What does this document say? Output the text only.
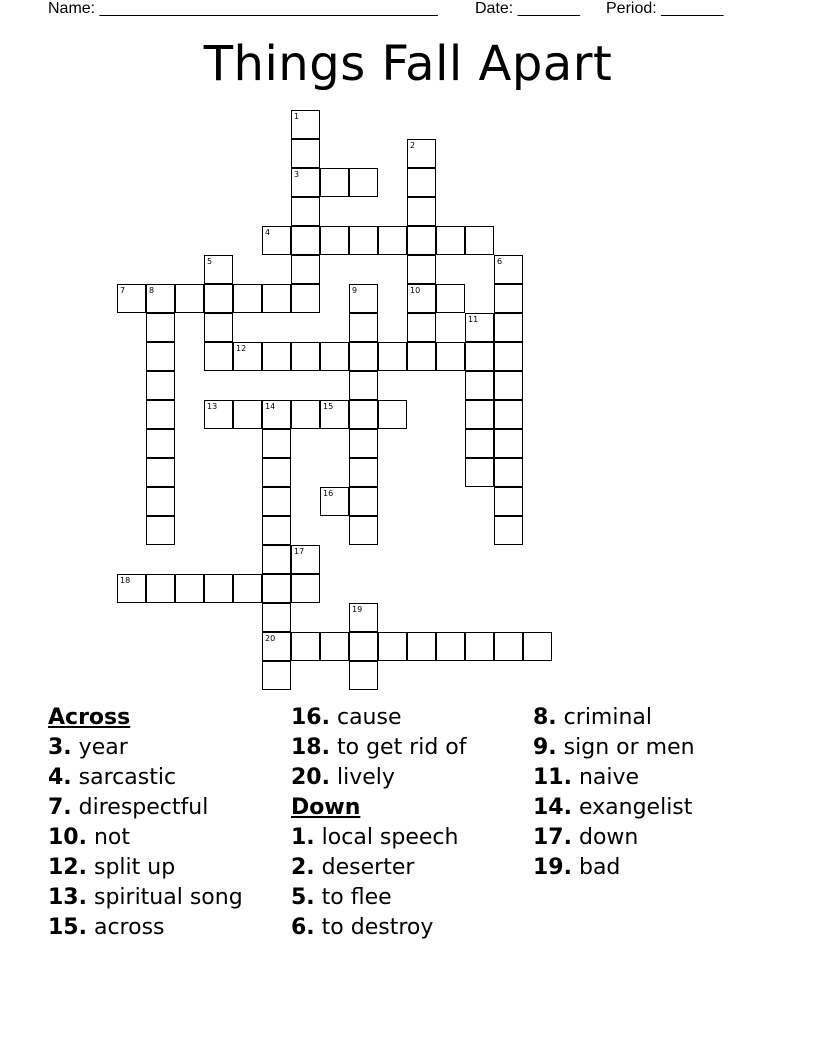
Name: ______________________________________ Date: _______ Period: _______
Things Fall Apart
1
3
2
10
4
5	6
7	8	9
11
12
13	14	15
16
17
18
19
20
Across
3. year
4. sarcastic
7. direspectful
10. not
12. split up
13. spiritual song
15. across
16. cause
18. to get rid of
20. lively
Down
1. local speech
2. deserter
5. to flee
6. to destroy
8. criminal
9. sign or men
11. naive
14. exangelist
17. down
19. bad
